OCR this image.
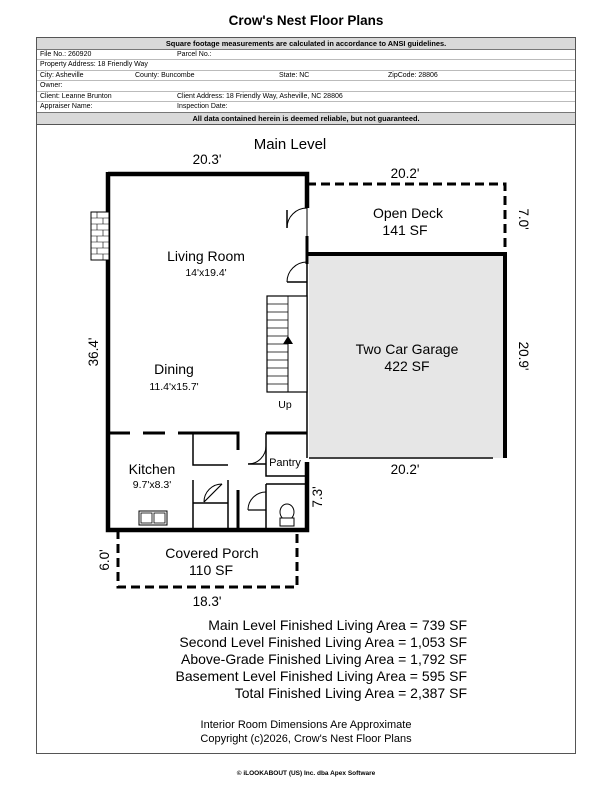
Crow's Nest Floor Plans
Square footage measurements are calculated in accordance to ANSI guidelines.
File No.: 260920	Parcel No.:
Property Address: 18 Friendly Way
City: Asheville	County: Buncombe	State: NC	ZipCode: 28806
Owner:
Client: Leanne Brunton	Client Address: 18 Friendly Way, Asheville, NC 28806
Appraiser Name:	Inspection Date:
All data contained herein is deemed reliable, but not guaranteed.
Main Level
20.3'
20.2'
7.0'
36.4'	20.9'
20.2'
7.3'
6.0'
18.3'
Living Room
14'x19.4'
Dining
11.4'x15.7'
Up
Kitchen
9.7'x8.3'
Pantry
Open Deck
141 SF
Two Car Garage
422 SF
Covered Porch
110 SF
Main Level Finished Living Area = 739 SF
Second Level Finished Living Area = 1,053 SF
Above-Grade Finished Living Area = 1,792 SF
Basement Level Finished Living Area = 595 SF
Total Finished Living Area = 2,387 SF
Interior Room Dimensions Are Approximate
Copyright (c)2026, Crow's Nest Floor Plans
© iLOOKABOUT (US) Inc. dba Apex Software
